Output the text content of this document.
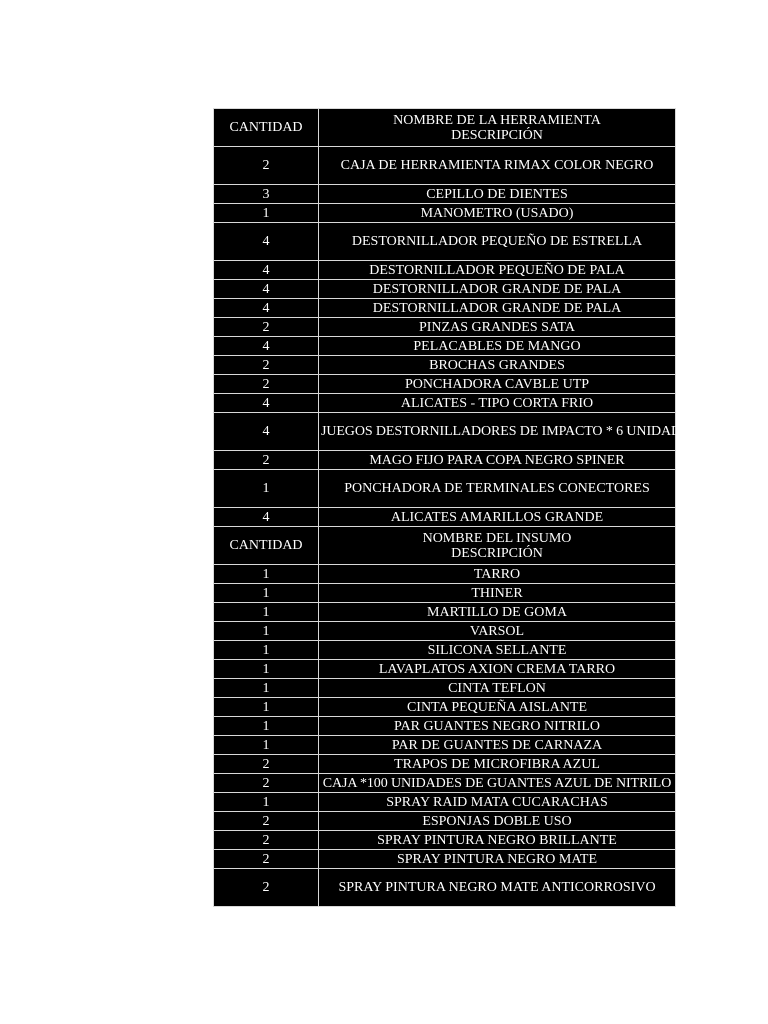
CANTIDAD	NOMBRE DE LA HERRAMIENTA
DESCRIPCIÓN
2	CAJA DE HERRAMIENTA RIMAX COLOR NEGRO
3	CEPILLO DE DIENTES
1	MANOMETRO (USADO)
4	DESTORNILLADOR PEQUEÑO DE ESTRELLA
4	DESTORNILLADOR PEQUEÑO DE PALA
4	DESTORNILLADOR GRANDE DE PALA
4	DESTORNILLADOR GRANDE DE PALA
2	PINZAS GRANDES SATA
4	PELACABLES DE MANGO
2	BROCHAS GRANDES
2	PONCHADORA CAVBLE UTP
4	ALICATES - TIPO CORTA FRIO
4	JUEGOS DESTORNILLADORES DE IMPACTO * 6 UNIDADES
2	MAGO FIJO PARA COPA NEGRO SPINER
1	PONCHADORA DE TERMINALES CONECTORES
4	ALICATES AMARILLOS GRANDE
CANTIDAD	NOMBRE DEL INSUMO
DESCRIPCIÓN
1	TARRO
1	THINER
1	MARTILLO DE GOMA
1	VARSOL
1	SILICONA SELLANTE
1	LAVAPLATOS AXION CREMA TARRO
1	CINTA TEFLON
1	CINTA PEQUEÑA AISLANTE
1	PAR GUANTES NEGRO NITRILO
1	PAR DE GUANTES DE CARNAZA
2	TRAPOS DE MICROFIBRA AZUL
2	CAJA *100 UNIDADES DE GUANTES AZUL DE NITRILO
1	SPRAY RAID MATA CUCARACHAS
2	ESPONJAS DOBLE USO
2	SPRAY PINTURA NEGRO BRILLANTE
2	SPRAY PINTURA NEGRO MATE
2	SPRAY PINTURA NEGRO MATE ANTICORROSIVO
